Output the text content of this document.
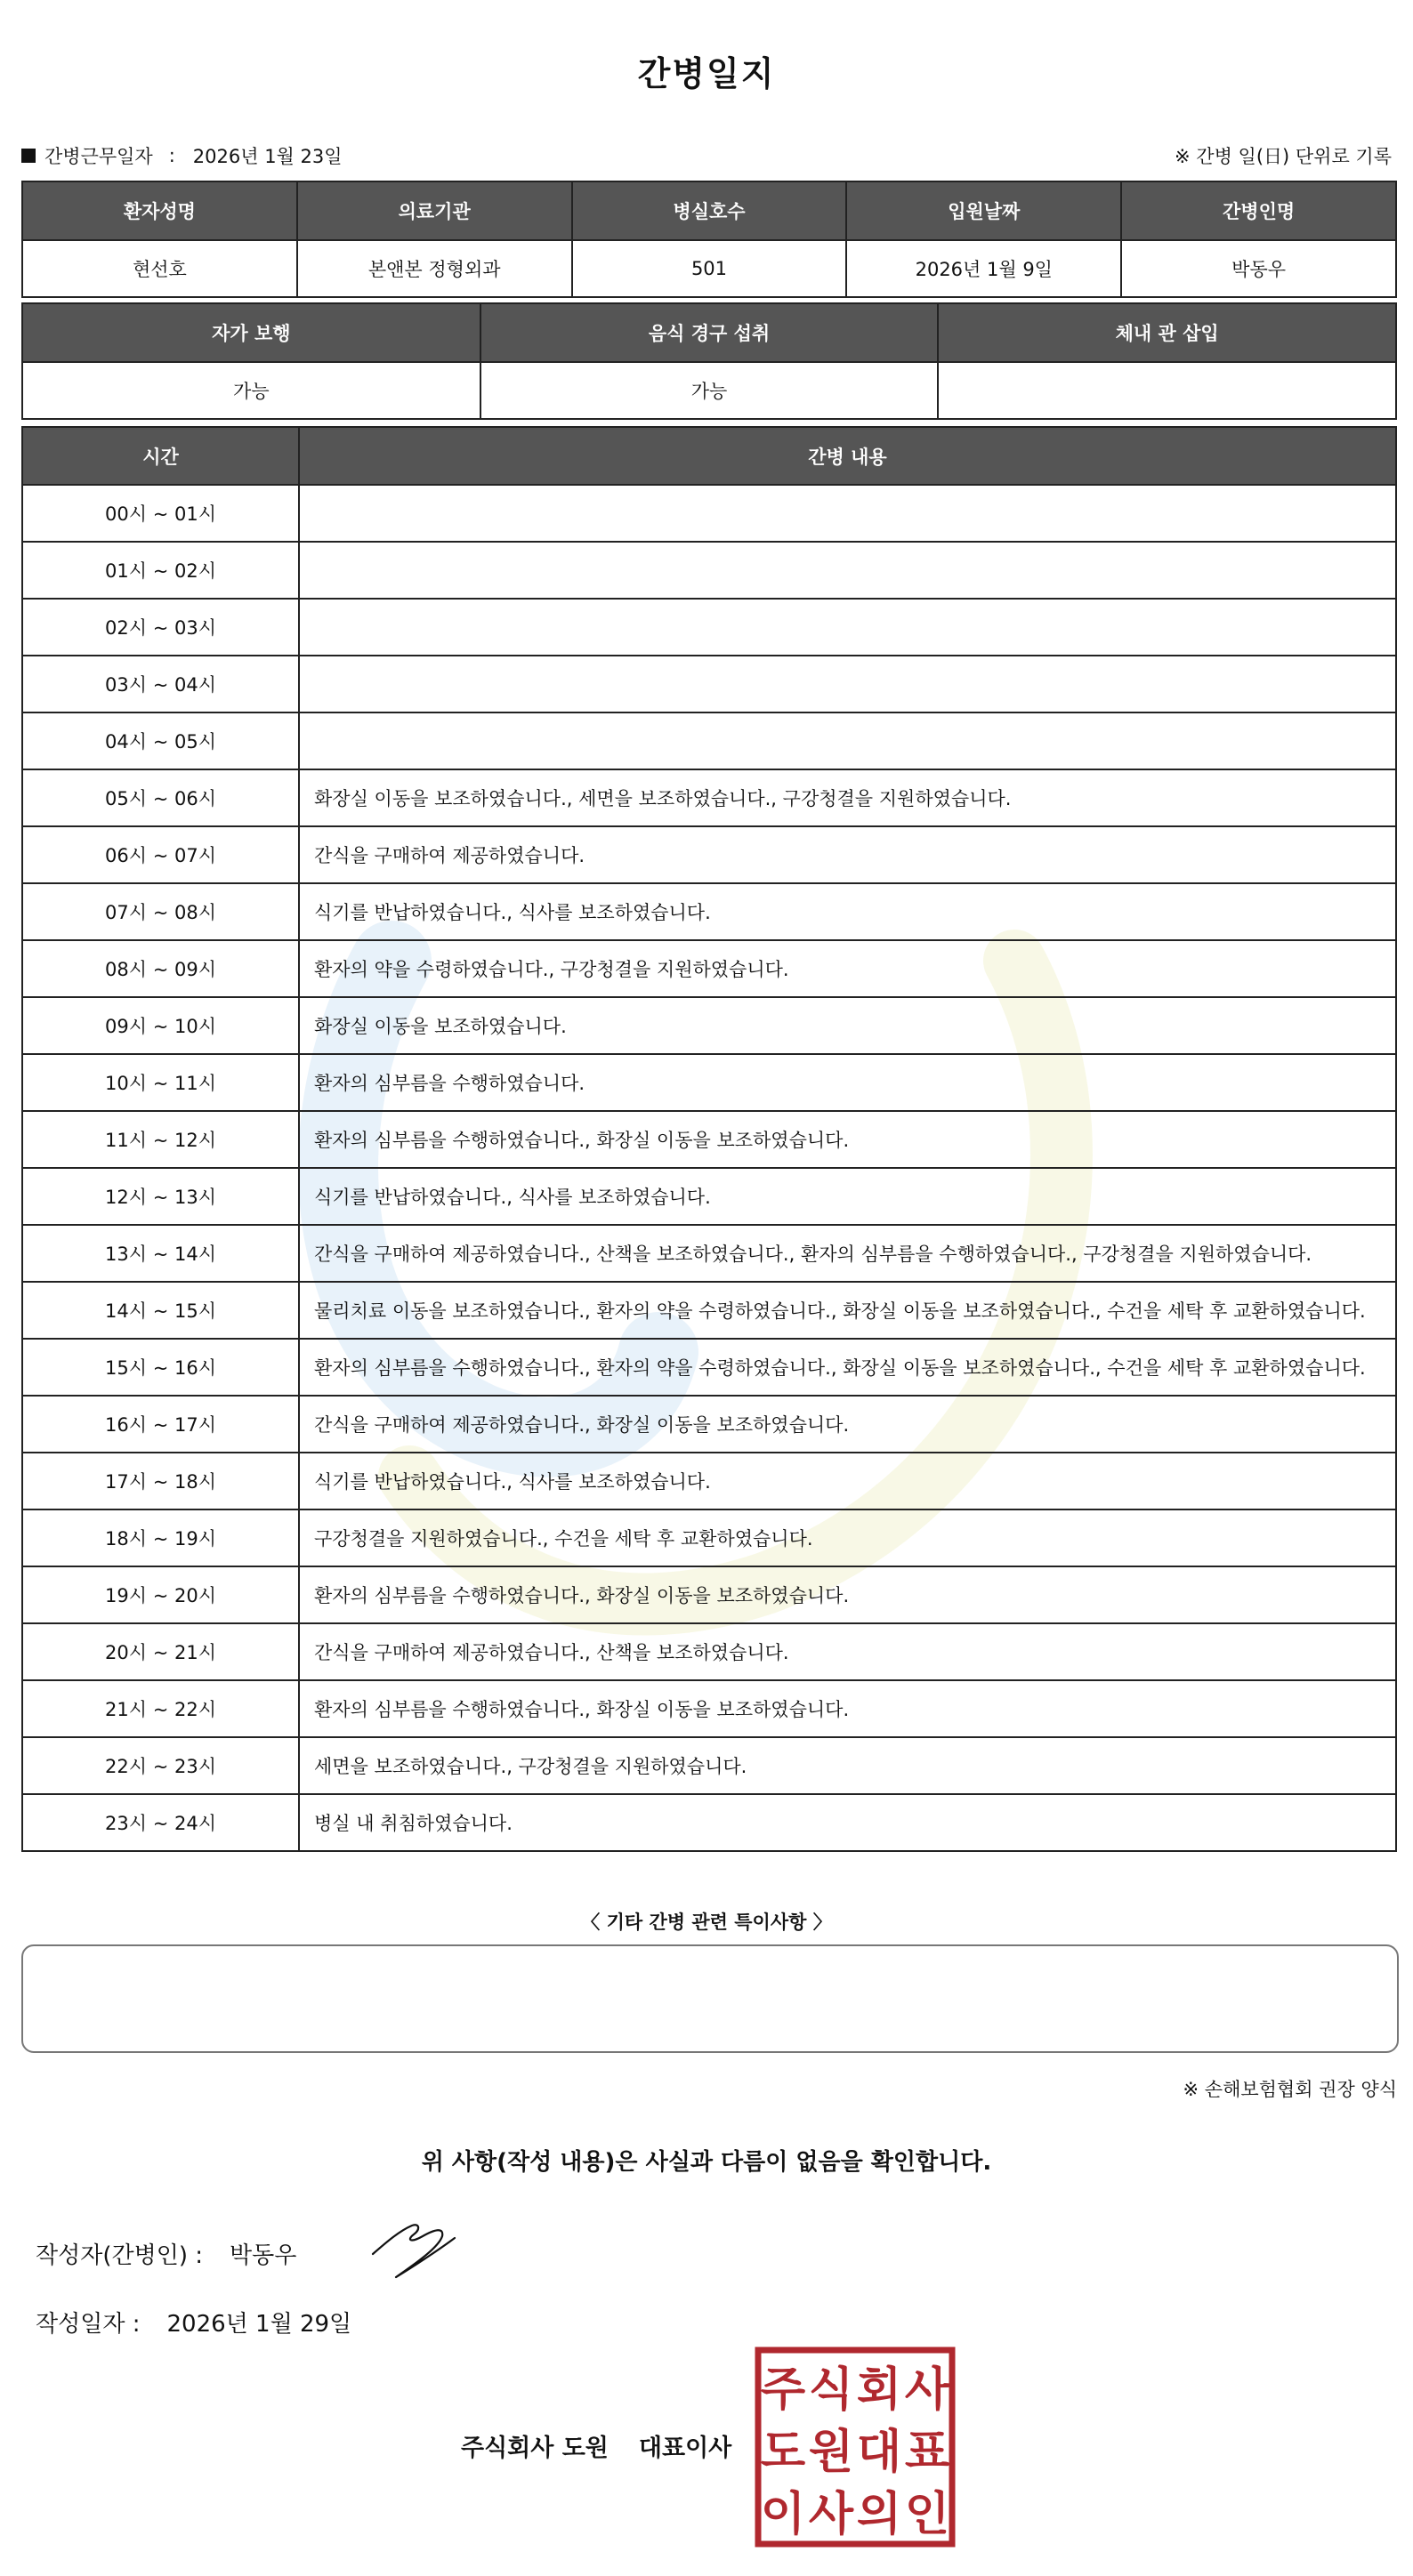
간병일지
간병근무일자 : 2026년 1월 23일	※ 간병 일(日) 단위로 기록
환자성명	의료기관	병실호수	입원날짜	간병인명
현선호	본앤본 정형외과	501	2026년 1월 9일	박동우
자가 보행	음식 경구 섭취	체내 관 삽입
가능	가능	
시간	간병 내용
00시 ~ 01시	
01시 ~ 02시	
02시 ~ 03시	
03시 ~ 04시	
04시 ~ 05시	
05시 ~ 06시	화장실 이동을 보조하였습니다., 세면을 보조하였습니다., 구강청결을 지원하였습니다.
06시 ~ 07시	간식을 구매하여 제공하였습니다.
07시 ~ 08시	식기를 반납하였습니다., 식사를 보조하였습니다.
08시 ~ 09시	환자의 약을 수령하였습니다., 구강청결을 지원하였습니다.
09시 ~ 10시	화장실 이동을 보조하였습니다.
10시 ~ 11시	환자의 심부름을 수행하였습니다.
11시 ~ 12시	환자의 심부름을 수행하였습니다., 화장실 이동을 보조하였습니다.
12시 ~ 13시	식기를 반납하였습니다., 식사를 보조하였습니다.
13시 ~ 14시	간식을 구매하여 제공하였습니다., 산책을 보조하였습니다., 환자의 심부름을 수행하였습니다., 구강청결을 지원하였습니다.
14시 ~ 15시	물리치료 이동을 보조하였습니다., 환자의 약을 수령하였습니다., 화장실 이동을 보조하였습니다., 수건을 세탁 후 교환하였습니다.
15시 ~ 16시	환자의 심부름을 수행하였습니다., 환자의 약을 수령하였습니다., 화장실 이동을 보조하였습니다., 수건을 세탁 후 교환하였습니다.
16시 ~ 17시	간식을 구매하여 제공하였습니다., 화장실 이동을 보조하였습니다.
17시 ~ 18시	식기를 반납하였습니다., 식사를 보조하였습니다.
18시 ~ 19시	구강청결을 지원하였습니다., 수건을 세탁 후 교환하였습니다.
19시 ~ 20시	환자의 심부름을 수행하였습니다., 화장실 이동을 보조하였습니다.
20시 ~ 21시	간식을 구매하여 제공하였습니다., 산책을 보조하였습니다.
21시 ~ 22시	환자의 심부름을 수행하였습니다., 화장실 이동을 보조하였습니다.
22시 ~ 23시	세면을 보조하였습니다., 구강청결을 지원하였습니다.
23시 ~ 24시	병실 내 취침하였습니다.
〈 기타 간병 관련 특이사항 〉
※ 손해보험협회 권장 양식
위 사항(작성 내용)은 사실과 다름이 없음을 확인합니다.
작성자(간병인) : 박동우
작성일자 : 2026년 1월 29일
주식회사 도원 대표이사
주 식 회 사
도 원 대 표
이 사 의 인
